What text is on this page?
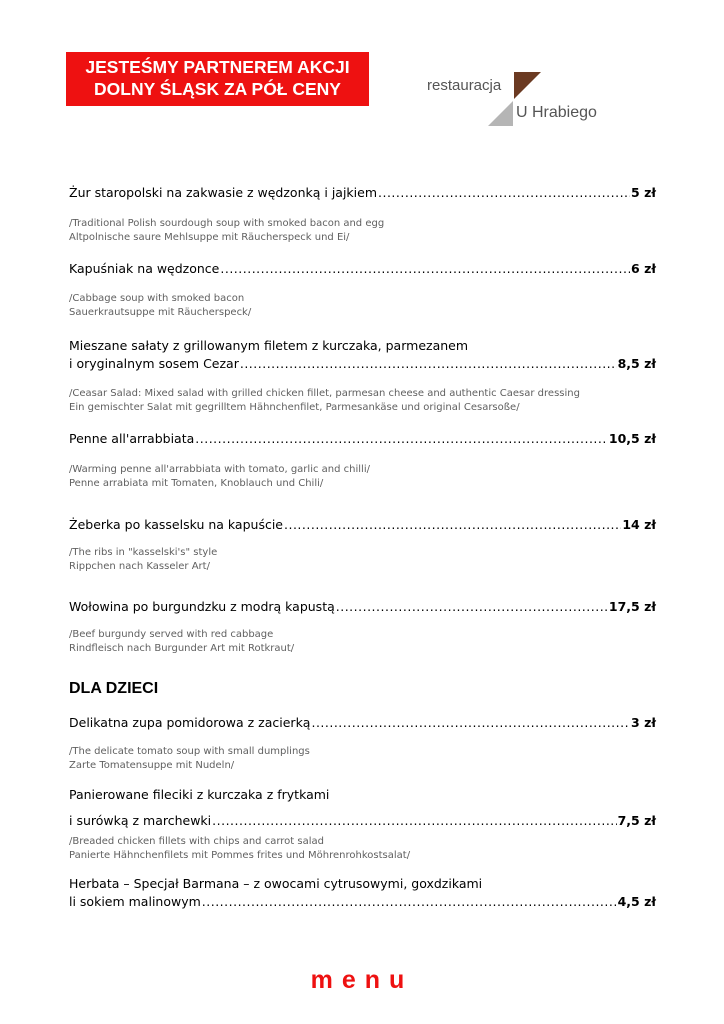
JESTEŚMY PARTNEREM AKCJI
DOLNY ŚLĄSK ZA PÓŁ CENY	restauracja
U Hrabiego
Żur staropolski na zakwasie z wędzonką i jajkiem .....	5 zł
/Traditional Polish sourdough soup with smoked bacon and egg
Altpolnische saure Mehlsuppe mit Räucherspeck und Ei/
Kapuśniak na wędzonce .....	6 zł
/Cabbage soup with smoked bacon
Sauerkrautsuppe mit Räucherspeck/
Mieszane sałaty z grillowanym filetem z kurczaka, parmezanem
i oryginalnym sosem Cezar .....	8,5 zł
/Ceasar Salad: Mixed salad with grilled chicken fillet, parmesan cheese and authentic Caesar dressing
Ein gemischter Salat mit gegrilltem Hähnchenfilet, Parmesankäse und original Cesarsoße/
Penne all'arrabbiata .....	10,5 zł
/Warming penne all'arrabbiata with tomato, garlic and chilli/
Penne arrabiata mit Tomaten, Knoblauch und Chili/
Żeberka po kasselsku na kapuście .....	14 zł
/The ribs in "kasselski's" style
Rippchen nach Kasseler Art/
Wołowina po burgundzku z modrą kapustą .....	17,5 zł
/Beef burgundy served with red cabbage
Rindfleisch nach Burgunder Art mit Rotkraut/
DLA DZIECI
Delikatna zupa pomidorowa z zacierką .....	3 zł
/The delicate tomato soup with small dumplings
Zarte Tomatensuppe mit Nudeln/
Panierowane fileciki z kurczaka z frytkami
i surówką z marchewki .....	7,5 zł
/Breaded chicken fillets with chips and carrot salad
Panierte Hähnchenfilets mit Pommes frites und Möhrenrohkostsalat/
Herbata – Specjał Barmana – z owocami cytrusowymi, goxdzikami
li sokiem malinowym .....	4,5 zł
menu
